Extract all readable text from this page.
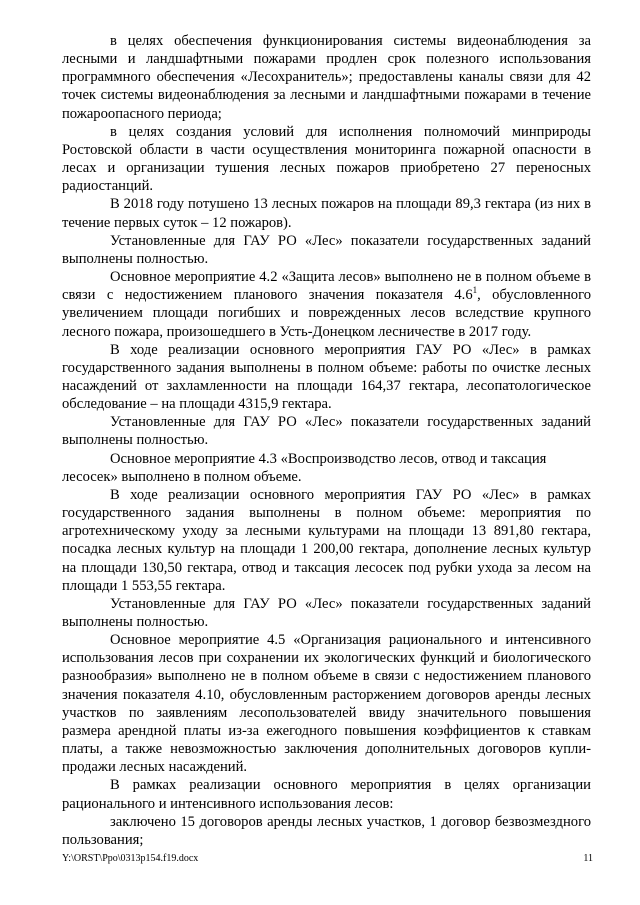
в целях обеспечения функционирования системы видеонаблюдения за лесными и ландшафтными пожарами продлен срок полезного использования программного обеспечения «Лесохранитель»; предоставлены каналы связи для 42 точек системы видеонаблюдения за лесными и ландшафтными пожарами в течение пожароопасного периода;

в целях создания условий для исполнения полномочий минприроды Ростовской области в части осуществления мониторинга пожарной опасности в лесах и организации тушения лесных пожаров приобретено 27 переносных радиостанций.

В 2018 году потушено 13 лесных пожаров на площади 89,3 гектара (из них в течение первых суток – 12 пожаров).

Установленные для ГАУ РО «Лес» показатели государственных заданий выполнены полностью.

Основное мероприятие 4.2 «Защита лесов» выполнено не в полном объеме в связи с недостижением планового значения показателя $4.6^1$, обусловленного увеличением площади погибших и поврежденных лесов вследствие крупного лесного пожара, произошедшего в Усть-Донецком лесничестве в 2017 году.

В ходе реализации основного мероприятия ГАУ РО «Лес» в рамках государственного задания выполнены в полном объеме: работы по очистке лесных насаждений от захламленности на площади 164,37 гектара, лесопатологическое обследование – на площади 4315,9 гектара.

Установленные для ГАУ РО «Лес» показатели государственных заданий выполнены полностью.

Основное мероприятие 4.3 «Воспроизводство лесов, отвод и таксация лесосек» выполнено в полном объеме.

В ходе реализации основного мероприятия ГАУ РО «Лес» в рамках государственного задания выполнены в полном объеме: мероприятия по агротехническому уходу за лесными культурами на площади 13 891,80 гектара, посадка лесных культур на площади 1 200,00 гектара, дополнение лесных культур на площади 130,50 гектара, отвод и таксация лесосек под рубки ухода за лесом на площади 1 553,55 гектара.

Установленные для ГАУ РО «Лес» показатели государственных заданий выполнены полностью.

Основное мероприятие 4.5 «Организация рационального и интенсивного использования лесов при сохранении их экологических функций и биологического разнообразия» выполнено не в полном объеме в связи с недостижением планового значения показателя 4.10, обусловленным расторжением договоров аренды лесных участков по заявлениям лесопользователей ввиду значительного повышения размера арендной платы из-за ежегодного повышения коэффициентов к ставкам платы, а также невозможностью заключения дополнительных договоров купли-продажи лесных насаждений.

В рамках реализации основного мероприятия в целях организации рационального и интенсивного использования лесов:

заключено 15 договоров аренды лесных участков, 1 договор безвозмездного пользования;

Y:\ORST\Ppo\0313p154.f19.docx	11
